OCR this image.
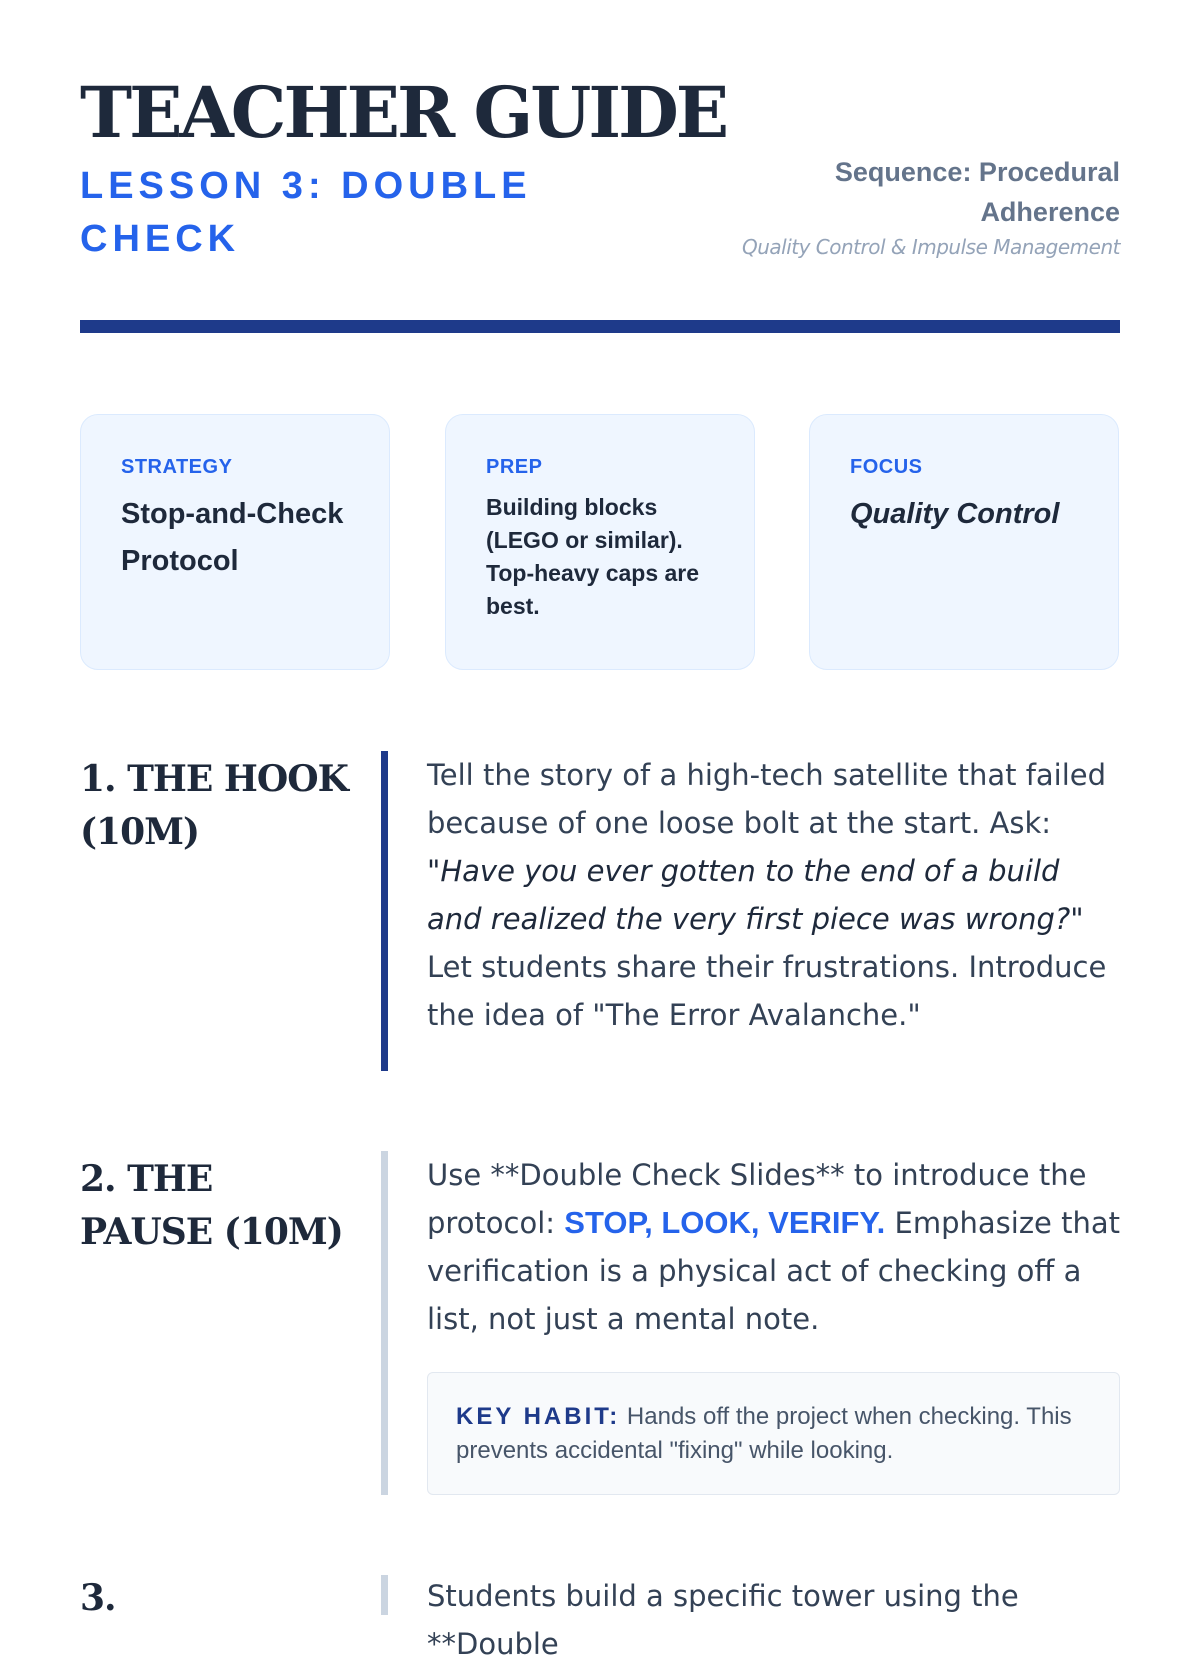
TEACHER GUIDE
LESSON 3: DOUBLE CHECK
Sequence: Procedural Adherence
Quality Control & Impulse Management
STRATEGY
Stop-and-Check Protocol
PREP
Building blocks (LEGO or similar). Top-heavy caps are best.
FOCUS
Quality Control
1. THE HOOK (10M)

Tell the story of a high-tech satellite that failed because of one loose bolt at the start. Ask: "Have you ever gotten to the end of a build and realized the very first piece was wrong?" Let students share their frustrations. Introduce the idea of "The Error Avalanche."

2. THE PAUSE (10M)

Use **Double Check Slides** to introduce the protocol: STOP, LOOK, VERIFY. Emphasize that verification is a physical act of checking off a list, not just a mental note.

KEY HABIT: Hands off the project when checking. This prevents accidental "fixing" while looking.
3.	Students build a specific tower using the **Double
